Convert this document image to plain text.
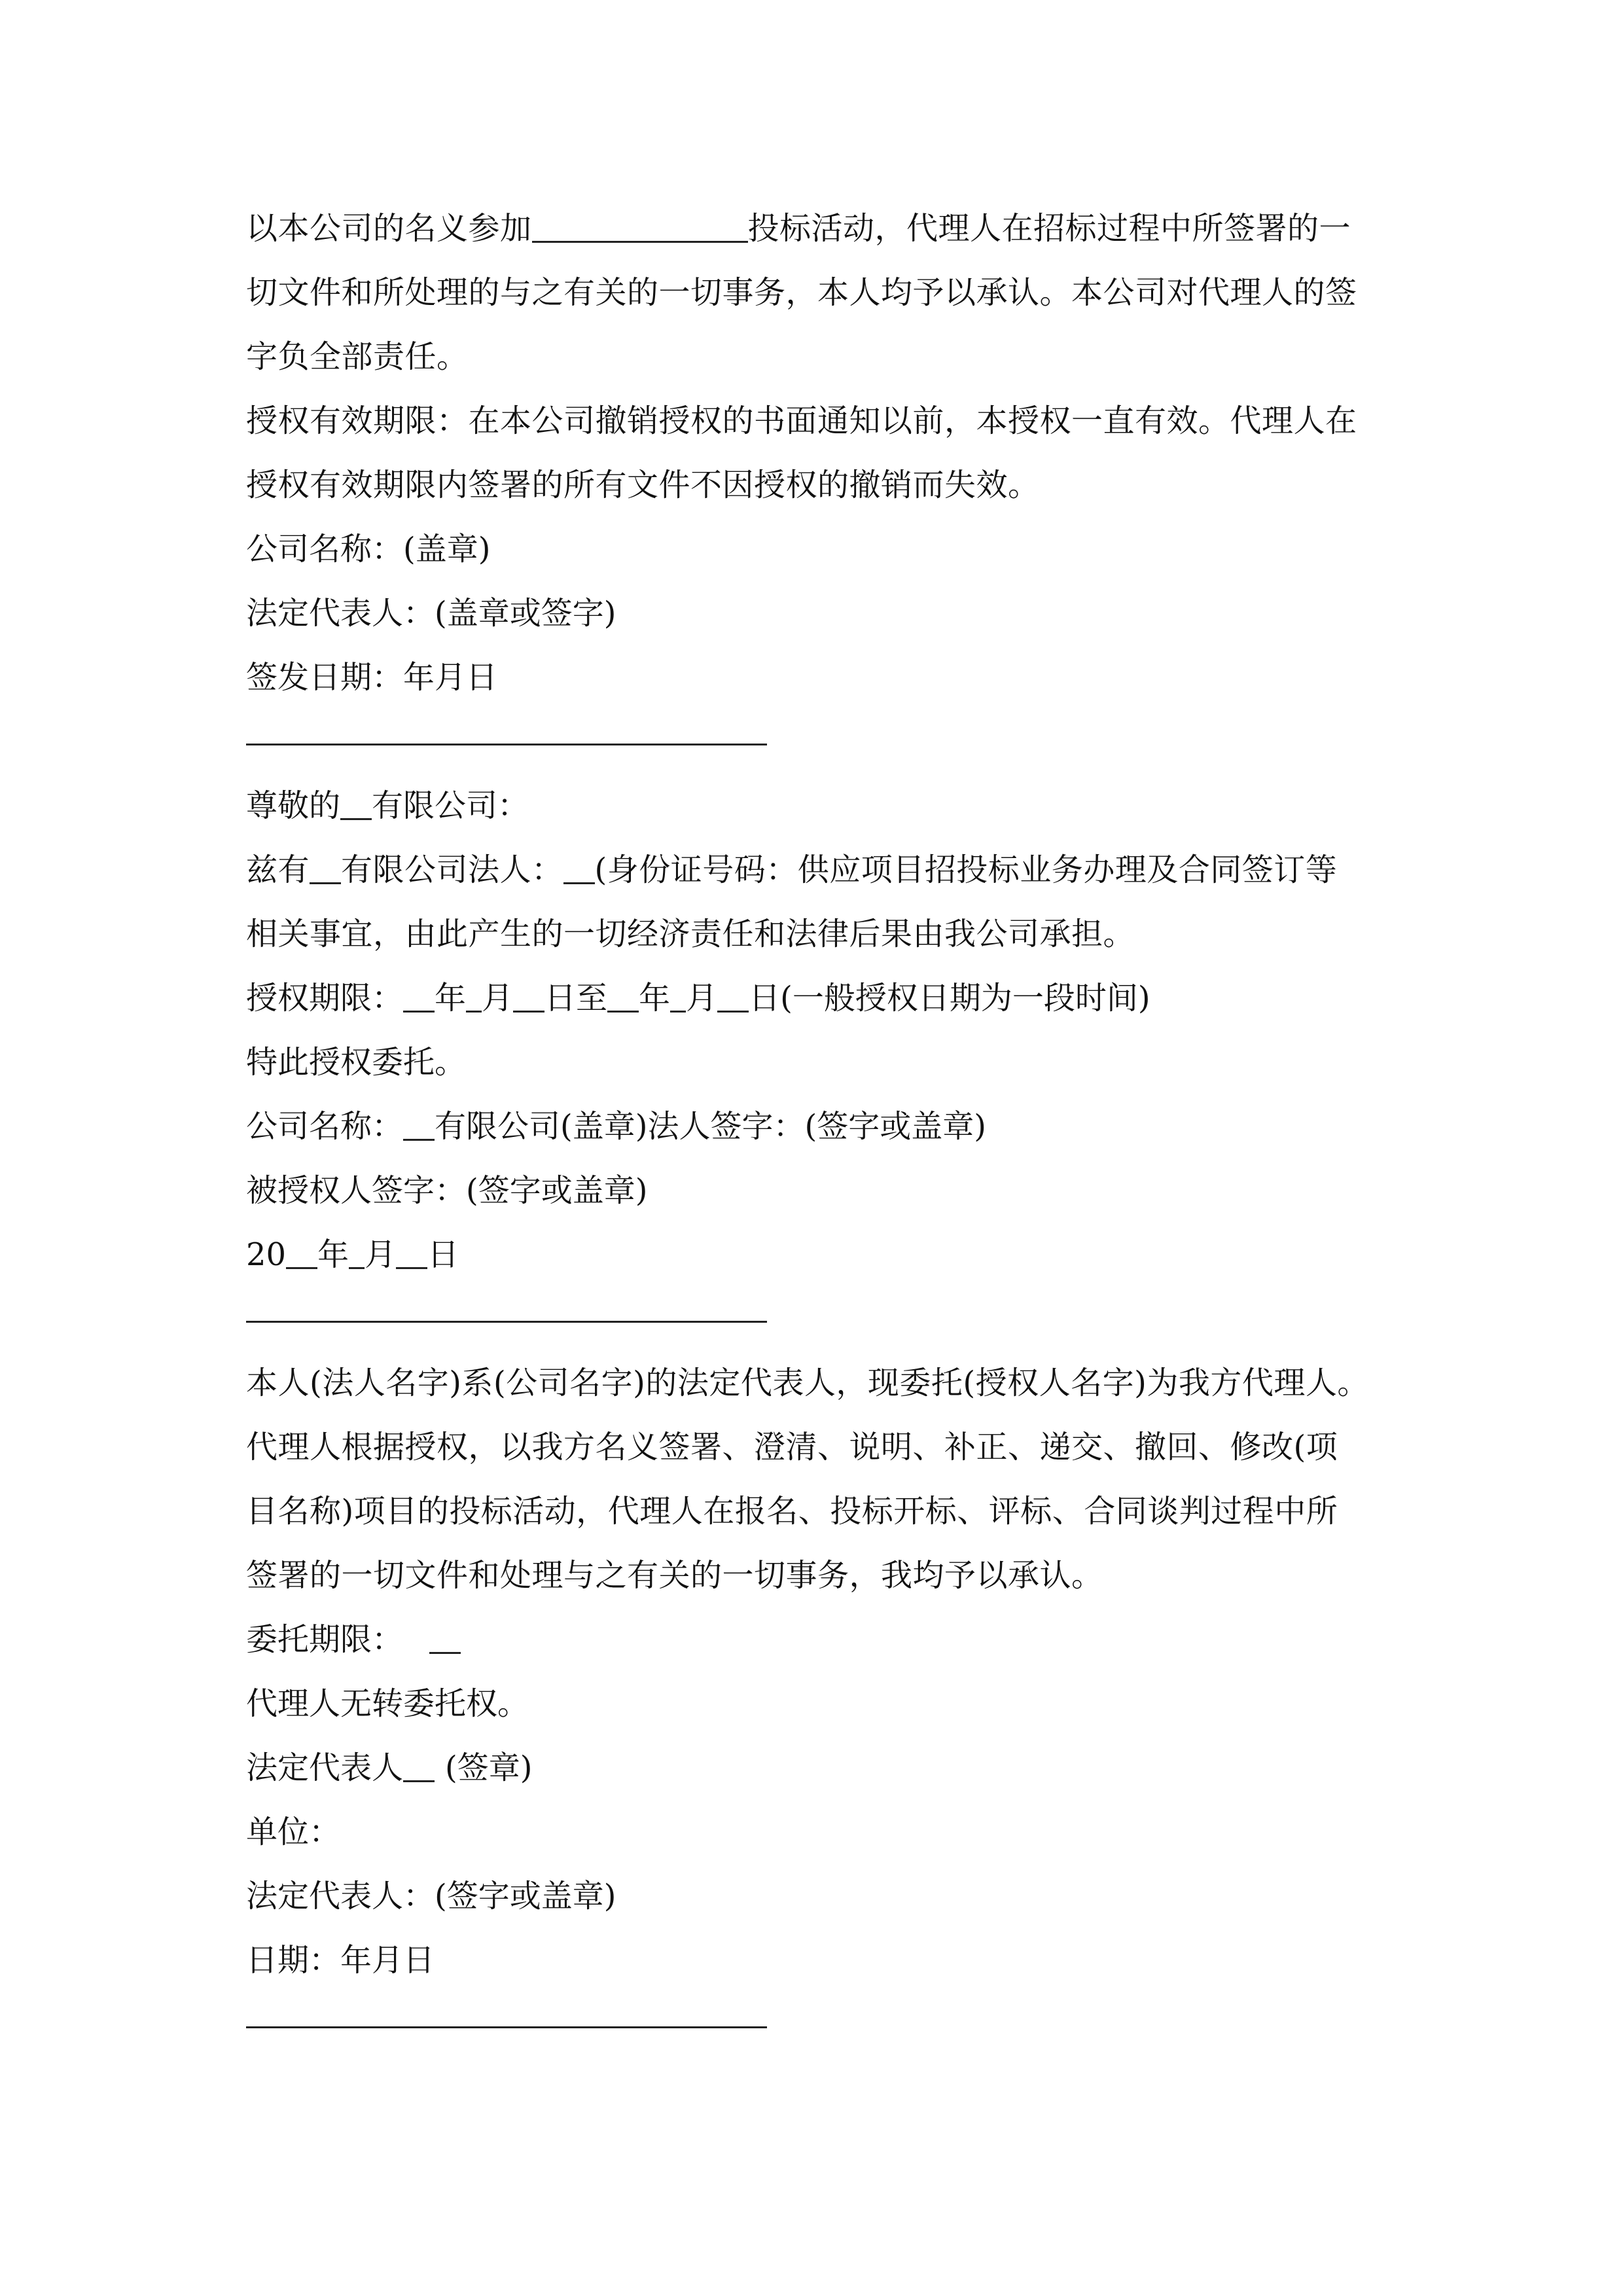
以本公司的名义参加	投标活动，代理人在招标过程中所签署的一
切文件和所处理的与之有关的一切事务，本人均予以承认。本公司对代理人的签
字负全部责任。
授权有效期限：在本公司撤销授权的书面通知以前，本授权一直有效。代理人在
授权有效期限内签署的所有文件不因授权的撤销而失效。
公司名称：(盖章)
法定代表人：(盖章或签字)
签发日期：年月日
尊敬的 有限公司：
兹有 有限公司法人： (身份证号码：供应项目招投标业务办理及合同签订等
相关事宜，由此产生的一切经济责任和法律后果由我公司承担。
授权期限： 年 月 日至 年 月 日(一般授权日期为一段时间)
特此授权委托。
公司名称： 有限公司(盖章)法人签字：(签字或盖章)
被授权人签字：(签字或盖章)
20 年 月 日
本人(法人名字)系(公司名字)的法定代表人，现委托(授权人名字)为我方代理人。
代理人根据授权，以我方名义签署、澄清、说明、补正、递交、撤回、修改(项
目名称)项目的投标活动，代理人在报名、投标开标、评标、合同谈判过程中所
签署的一切文件和处理与之有关的一切事务，我均予以承认。
委托期限：
代理人无转委托权。
法定代表人 (签章)
单位：
法定代表人：(签字或盖章)
日期：年月日
